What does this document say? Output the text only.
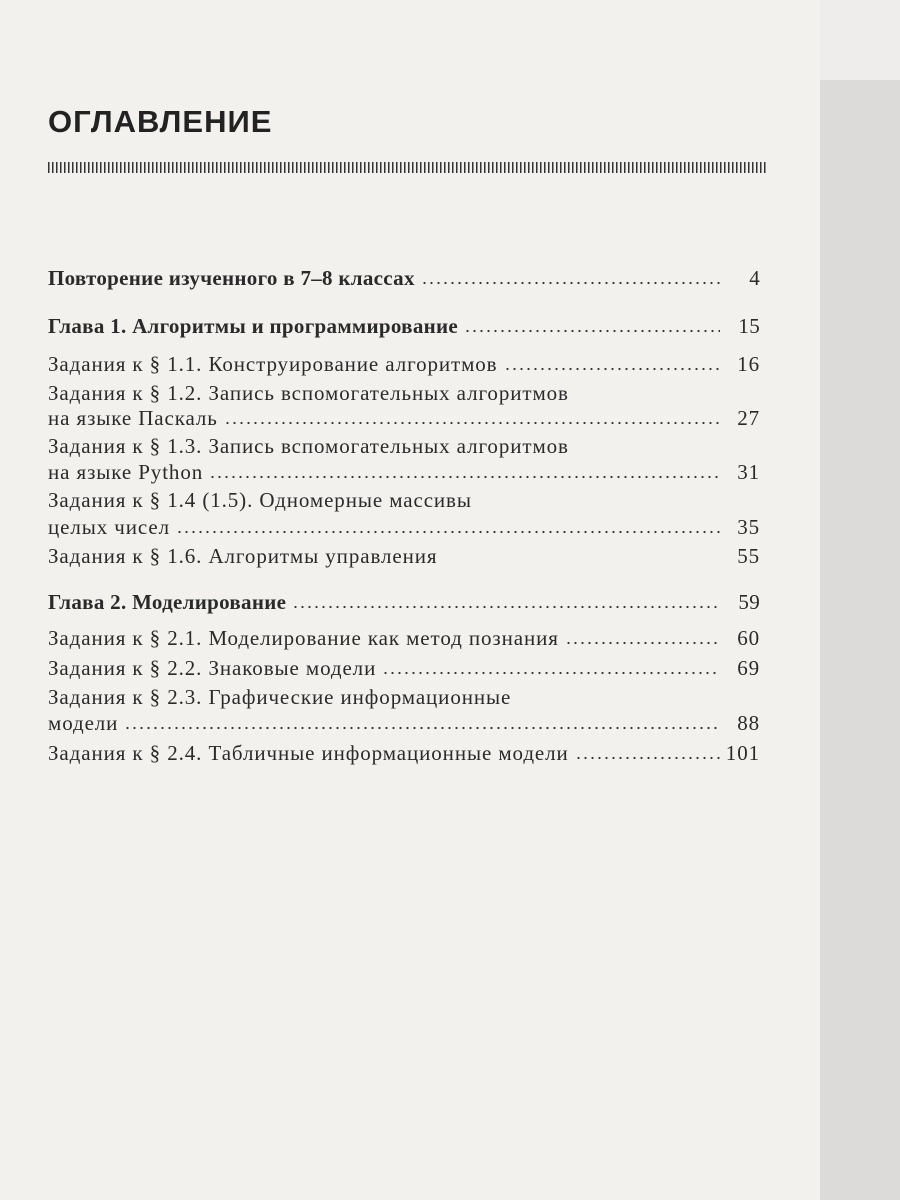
ОГЛАВЛЕНИЕ
Повторение изученного в 7–8 классах	4
Глава 1. Алгоритмы и программирование	15
Задания к § 1.1. Конструирование алгоритмов	16
Задания к § 1.2. Запись вспомогательных алгоритмов
на языке Паскаль	27
Задания к § 1.3. Запись вспомогательных алгоритмов
на языке Python	31
Задания к § 1.4 (1.5). Одномерные массивы
целых чисел	35
Задания к § 1.6. Алгоритмы управления	55
Глава 2. Моделирование	59
Задания к § 2.1. Моделирование как метод познания	60
Задания к § 2.2. Знаковые модели	69
Задания к § 2.3. Графические информационные
модели	88
Задания к § 2.4. Табличные информационные модели	101
